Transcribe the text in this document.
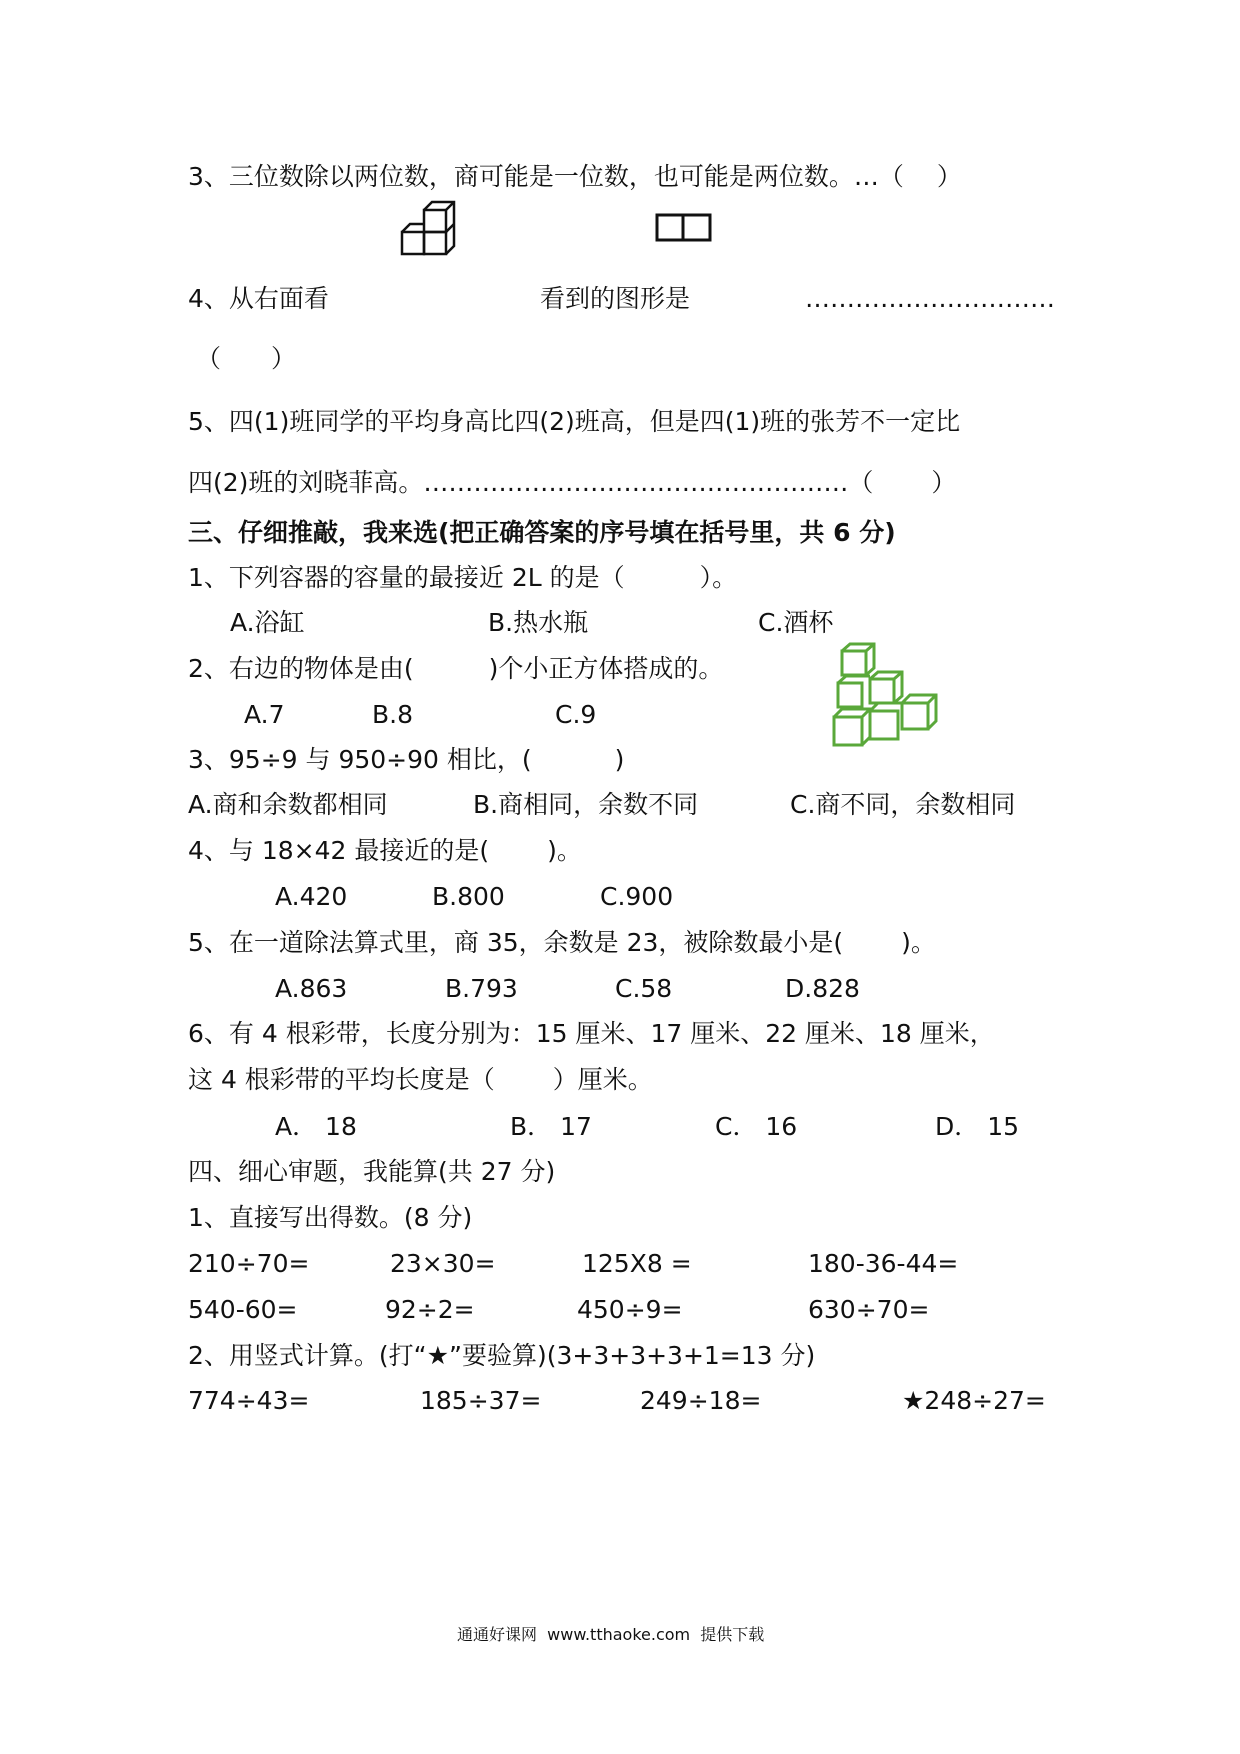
3、三位数除以两位数，商可能是一位数，也可能是两位数。…（　 ）
4、从右面看	看到的图形是	…………………………
（　　）
5、四(1)班同学的平均身高比四(2)班高，但是四(1)班的张芳不一定比
四(2)班的刘晓菲高。……………………………………………（　　 ）
三、仔细推敲，我来选(把正确答案的序号填在括号里，共 6 分)
1、下列容器的容量的最接近 2L 的是（　　　）。
A.浴缸	B.热水瓶	C.酒杯
2、右边的物体是由(　　　)个小正方体搭成的。
A.7	B.8	C.9
3、95÷9 与 950÷90 相比，(　　　 )
A.商和余数都相同	B.商相同，余数不同	C.商不同，余数相同
4、与 18×42 最接近的是(　　 )。
A.420	B.800	C.900
5、在一道除法算式里，商 35，余数是 23，被除数最小是(　　 )。
A.863	B.793	C.58	D.828
6、有 4 根彩带，长度分别为：15 厘米、17 厘米、22 厘米、18 厘米，
这 4 根彩带的平均长度是（　　 ）厘米。
A． 18	B． 17	C． 16	D． 15
四、细心审题，我能算(共 27 分)
1、直接写出得数。(8 分)
210÷70=	23×30=	125X8 =	180-36-44=
540-60=	92÷2=	450÷9=	630÷70=
2、用竖式计算。(打“★”要验算)(3+3+3+3+1=13 分)
774÷43=	185÷37=	249÷18=	★248÷27=
通通好课网  www.tthaoke.com  提供下载
